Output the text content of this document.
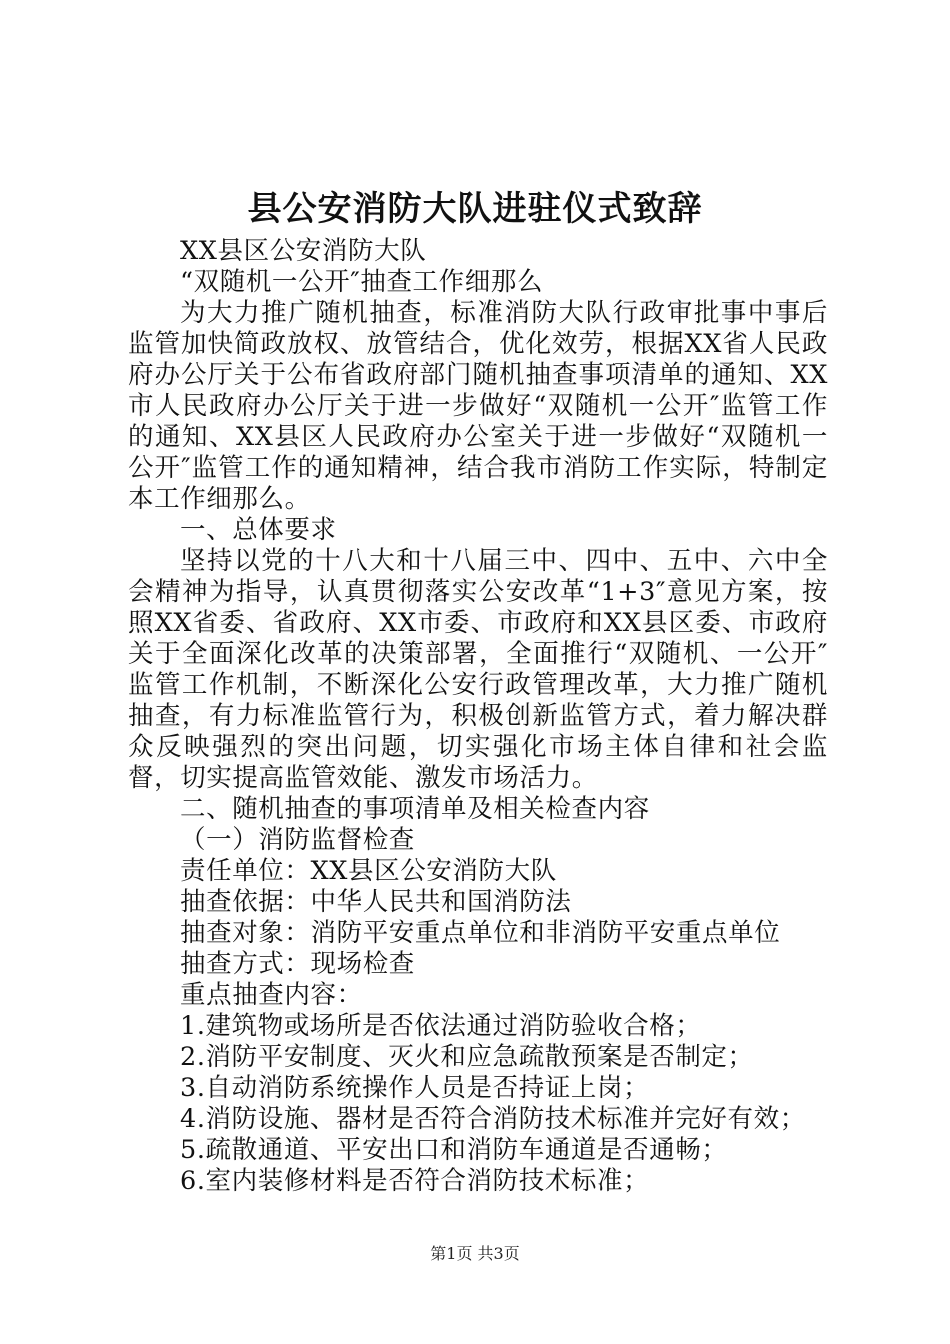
县公安消防大队进驻仪式致辞

XX县区公安消防大队

“双随机一公开″抽查工作细那么

为大力推广随机抽查，标准消防大队行政审批事中事后监管加快简政放权、放管结合，优化效劳，根据XX省人民政府办公厅关于公布省政府部门随机抽查事项清单的通知、XX市人民政府办公厅关于进一步做好“双随机一公开″监管工作的通知、XX县区人民政府办公室关于进一步做好“双随机一公开″监管工作的通知精神，结合我市消防工作实际，特制定本工作细那么。

一、总体要求

坚持以党的十八大和十八届三中、四中、五中、六中全会精神为指导，认真贯彻落实公安改革“1+3″意见方案，按照XX省委、省政府、XX市委、市政府和XX县区委、市政府关于全面深化改革的决策部署，全面推行“双随机、一公开″监管工作机制，不断深化公安行政管理改革，大力推广随机抽查，有力标准监管行为，积极创新监管方式，着力解决群众反映强烈的突出问题，切实强化市场主体自律和社会监督，切实提高监管效能、激发市场活力。

二、随机抽查的事项清单及相关检查内容

（一）消防监督检查

责任单位：XX县区公安消防大队

抽查依据：中华人民共和国消防法

抽查对象：消防平安重点单位和非消防平安重点单位

抽查方式：现场检查

重点抽查内容：

1.建筑物或场所是否依法通过消防验收合格；

2.消防平安制度、灭火和应急疏散预案是否制定；

3.自动消防系统操作人员是否持证上岗；

4.消防设施、器材是否符合消防技术标准并完好有效；

5.疏散通道、平安出口和消防车通道是否通畅；

6.室内装修材料是否符合消防技术标准；

第1页 共3页
